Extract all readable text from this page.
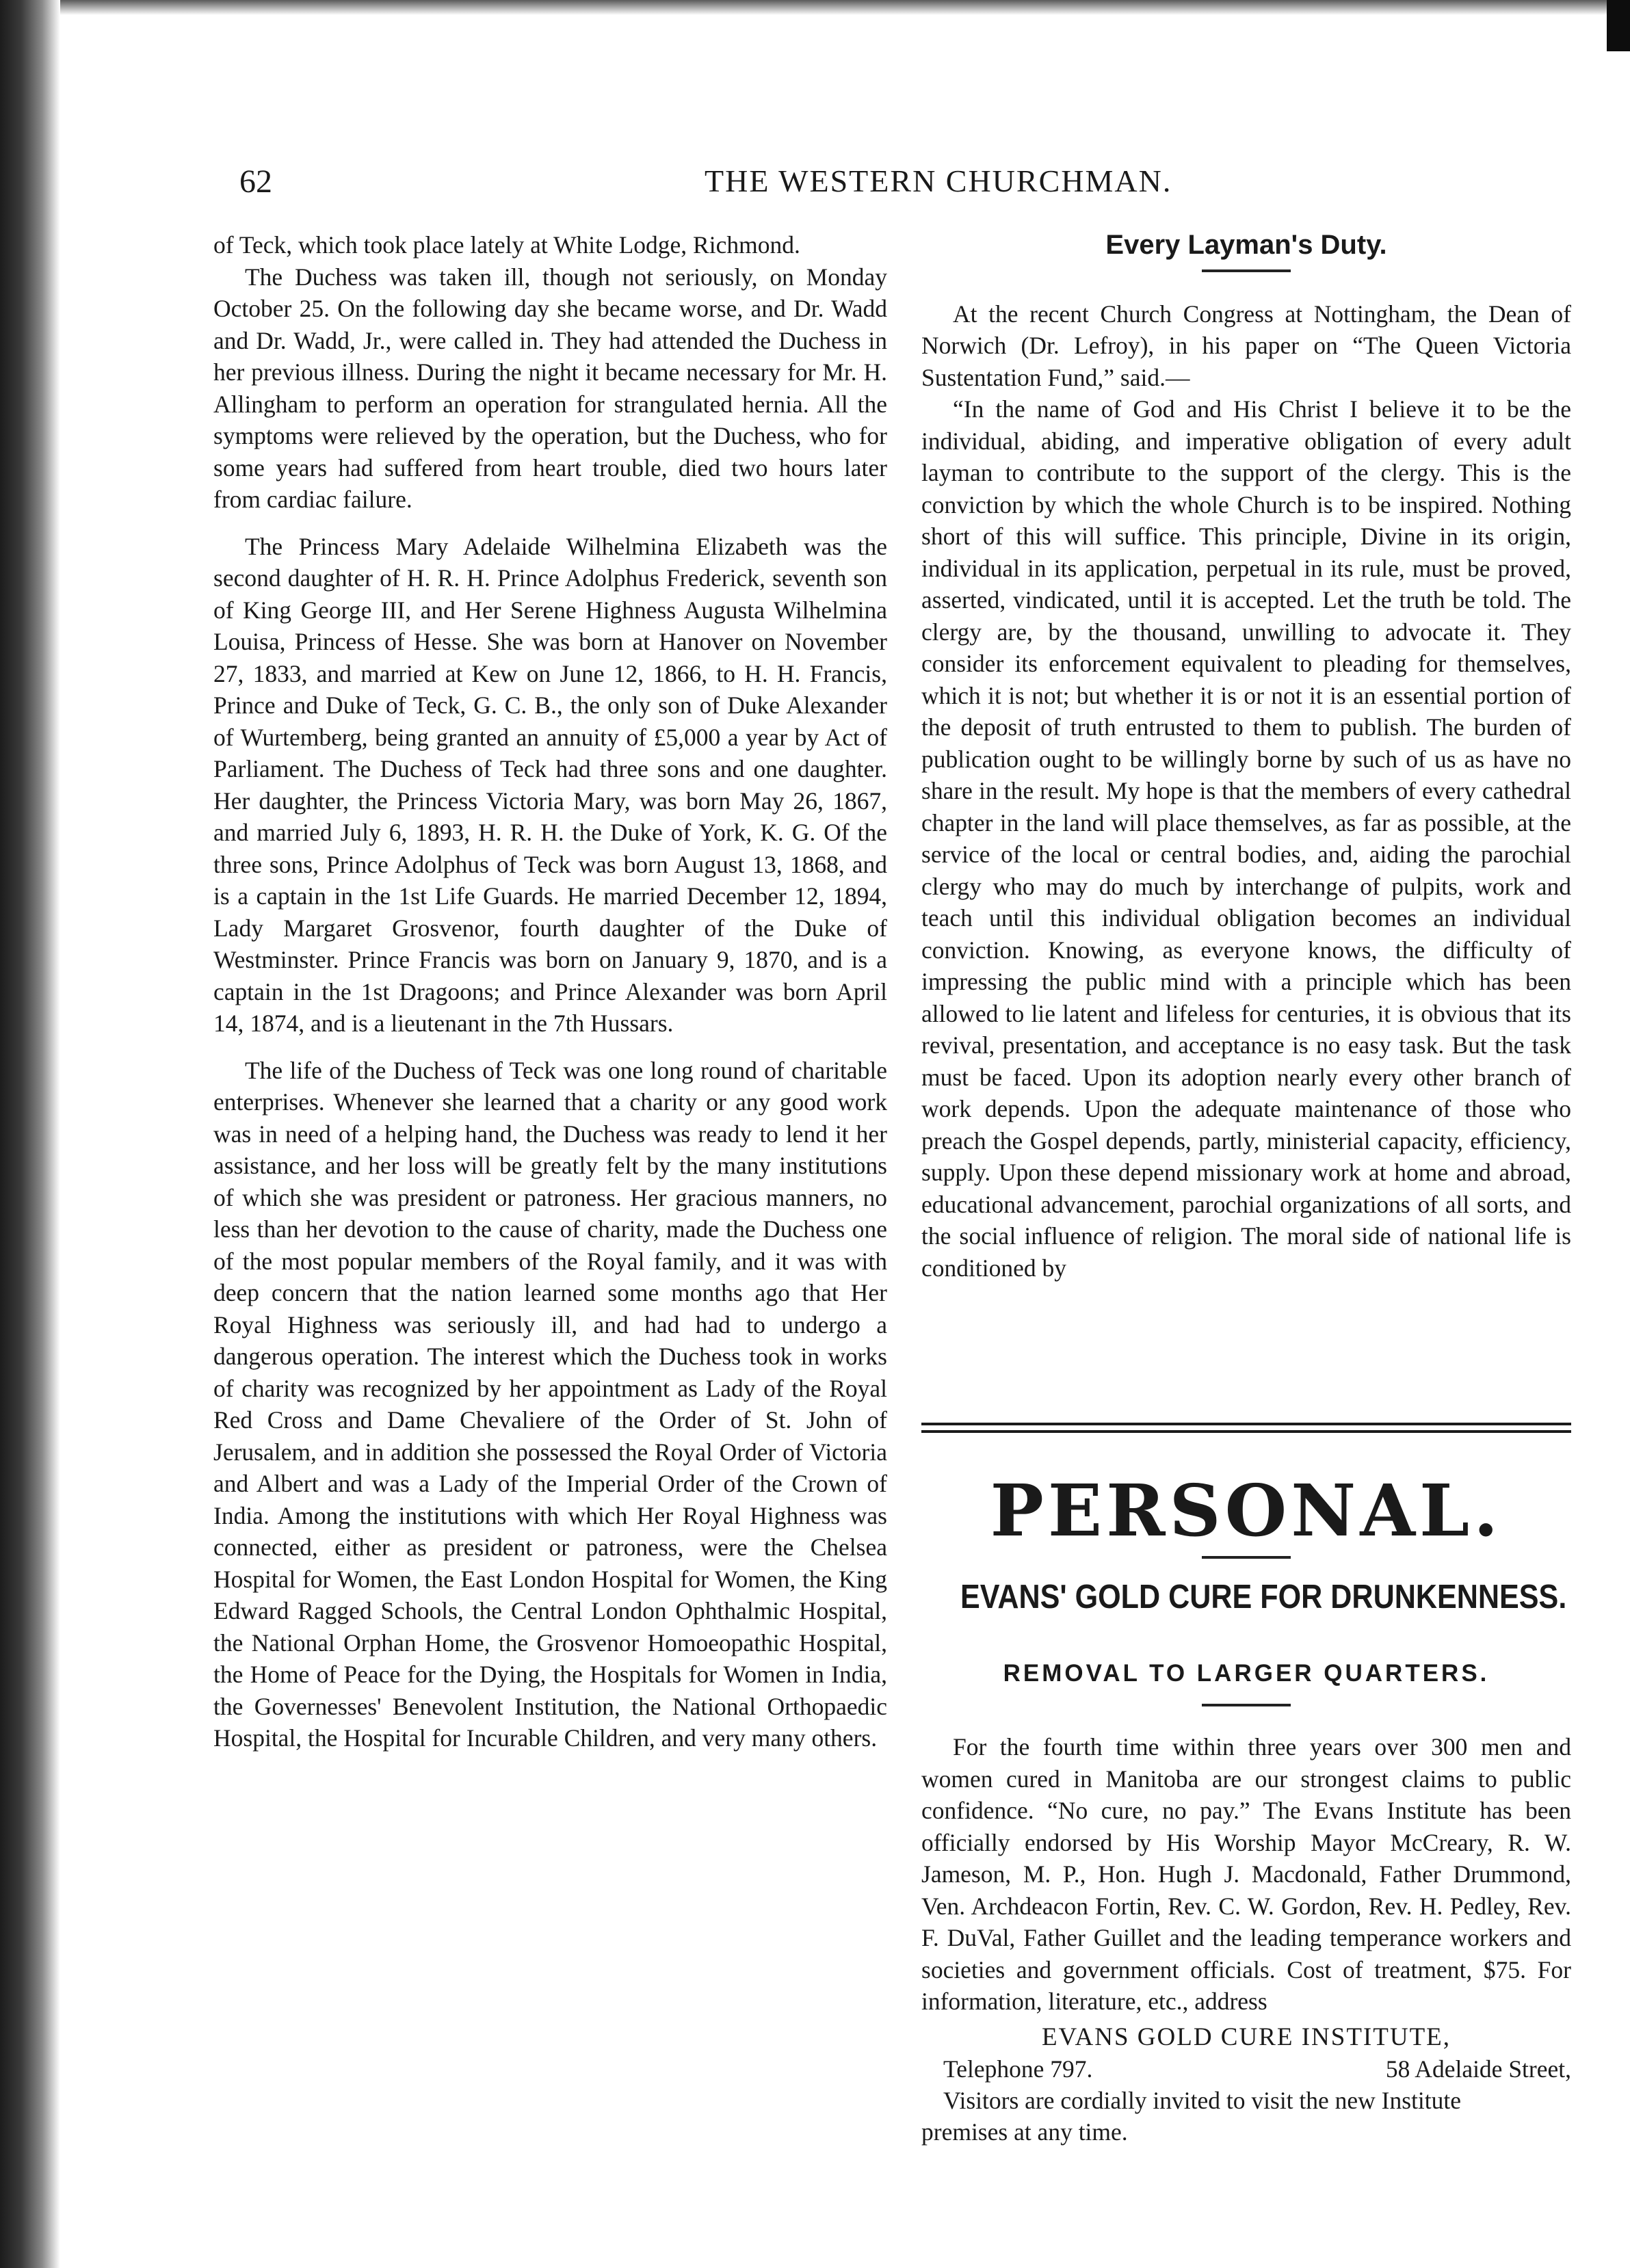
62	THE WESTERN CHURCHMAN.

of Teck, which took place lately at White Lodge, Richmond.

The Duchess was taken ill, though not seriously, on Monday October 25. On the following day she became worse, and Dr. Wadd and Dr. Wadd, Jr., were called in. They had attended the Duchess in her previous illness. During the night it became necessary for Mr. H. Allingham to perform an operation for strangulated hernia. All the symptoms were relieved by the operation, but the Duchess, who for some years had suffered from heart trouble, died two hours later from cardiac failure.

The Princess Mary Adelaide Wilhelmina Elizabeth was the second daughter of H. R. H. Prince Adolphus Frederick, seventh son of King George III, and Her Serene Highness Augusta Wilhelmina Louisa, Princess of Hesse. She was born at Hanover on November 27, 1833, and married at Kew on June 12, 1866, to H. H. Francis, Prince and Duke of Teck, G. C. B., the only son of Duke Alexander of Wurtemberg, being granted an annuity of £5,000 a year by Act of Parliament. The Duchess of Teck had three sons and one daughter. Her daughter, the Princess Victoria Mary, was born May 26, 1867, and married July 6, 1893, H. R. H. the Duke of York, K. G. Of the three sons, Prince Adolphus of Teck was born August 13, 1868, and is a captain in the 1st Life Guards. He married December 12, 1894, Lady Margaret Grosvenor, fourth daughter of the Duke of Westminster. Prince Francis was born on January 9, 1870, and is a captain in the 1st Dragoons; and Prince Alexander was born April 14, 1874, and is a lieutenant in the 7th Hussars.

The life of the Duchess of Teck was one long round of charitable enterprises. Whenever she learned that a charity or any good work was in need of a helping hand, the Duchess was ready to lend it her assistance, and her loss will be greatly felt by the many institutions of which she was president or patroness. Her gracious manners, no less than her devotion to the cause of charity, made the Duchess one of the most popular members of the Royal family, and it was with deep concern that the nation learned some months ago that Her Royal Highness was seriously ill, and had had to undergo a dangerous operation. The interest which the Duchess took in works of charity was recognized by her appointment as Lady of the Royal Red Cross and Dame Chevaliere of the Order of St. John of Jerusalem, and in addition she possessed the Royal Order of Victoria and Albert and was a Lady of the Imperial Order of the Crown of India. Among the institutions with which Her Royal Highness was connected, either as president or patroness, were the Chelsea Hospital for Women, the East London Hospital for Women, the King Edward Ragged Schools, the Central London Ophthalmic Hospital, the National Orphan Home, the Grosvenor Homoeopathic Hospital, the Home of Peace for the Dying, the Hospitals for Women in India, the Governesses' Benevolent Institution, the National Orthopaedic Hospital, the Hospital for Incurable Children, and very many others.

Every Layman's Duty.

At the recent Church Congress at Nottingham, the Dean of Norwich (Dr. Lefroy), in his paper on “The Queen Victoria Sustentation Fund,” said.—

“In the name of God and His Christ I believe it to be the individual, abiding, and imperative obligation of every adult layman to contribute to the support of the clergy. This is the conviction by which the whole Church is to be inspired. Nothing short of this will suffice. This principle, Divine in its origin, individual in its application, perpetual in its rule, must be proved, asserted, vindicated, until it is accepted. Let the truth be told. The clergy are, by the thousand, unwilling to advocate it. They consider its enforcement equivalent to pleading for themselves, which it is not; but whether it is or not it is an essential portion of the deposit of truth entrusted to them to publish. The burden of publication ought to be willingly borne by such of us as have no share in the result. My hope is that the members of every cathedral chapter in the land will place themselves, as far as possible, at the service of the local or central bodies, and, aiding the parochial clergy who may do much by interchange of pulpits, work and teach until this individual obligation becomes an individual conviction. Knowing, as everyone knows, the difficulty of impressing the public mind with a principle which has been allowed to lie latent and lifeless for centuries, it is obvious that its revival, presentation, and acceptance is no easy task. But the task must be faced. Upon its adoption nearly every other branch of work depends. Upon the adequate maintenance of those who preach the Gospel depends, partly, ministerial capacity, efficiency, supply. Upon these depend missionary work at home and abroad, educational advancement, parochial organizations of all sorts, and the social influence of religion. The moral side of national life is conditioned by

PERSONAL.
EVANS' GOLD CURE FOR DRUNKENNESS.
REMOVAL TO LARGER QUARTERS.

For the fourth time within three years over 300 men and women cured in Manitoba are our strongest claims to public confidence. “No cure, no pay.” The Evans Institute has been officially endorsed by His Worship Mayor McCreary, R. W. Jameson, M. P., Hon. Hugh J. Macdonald, Father Drummond, Ven. Archdeacon Fortin, Rev. C. W. Gordon, Rev. H. Pedley, Rev. F. DuVal, Father Guillet and the leading temperance workers and societies and government officials. Cost of treatment, $75. For information, literature, etc., address

EVANS GOLD CURE INSTITUTE,
Telephone 797.	58 Adelaide Street,

Visitors are cordially invited to visit the new Institute

premises at any time.
